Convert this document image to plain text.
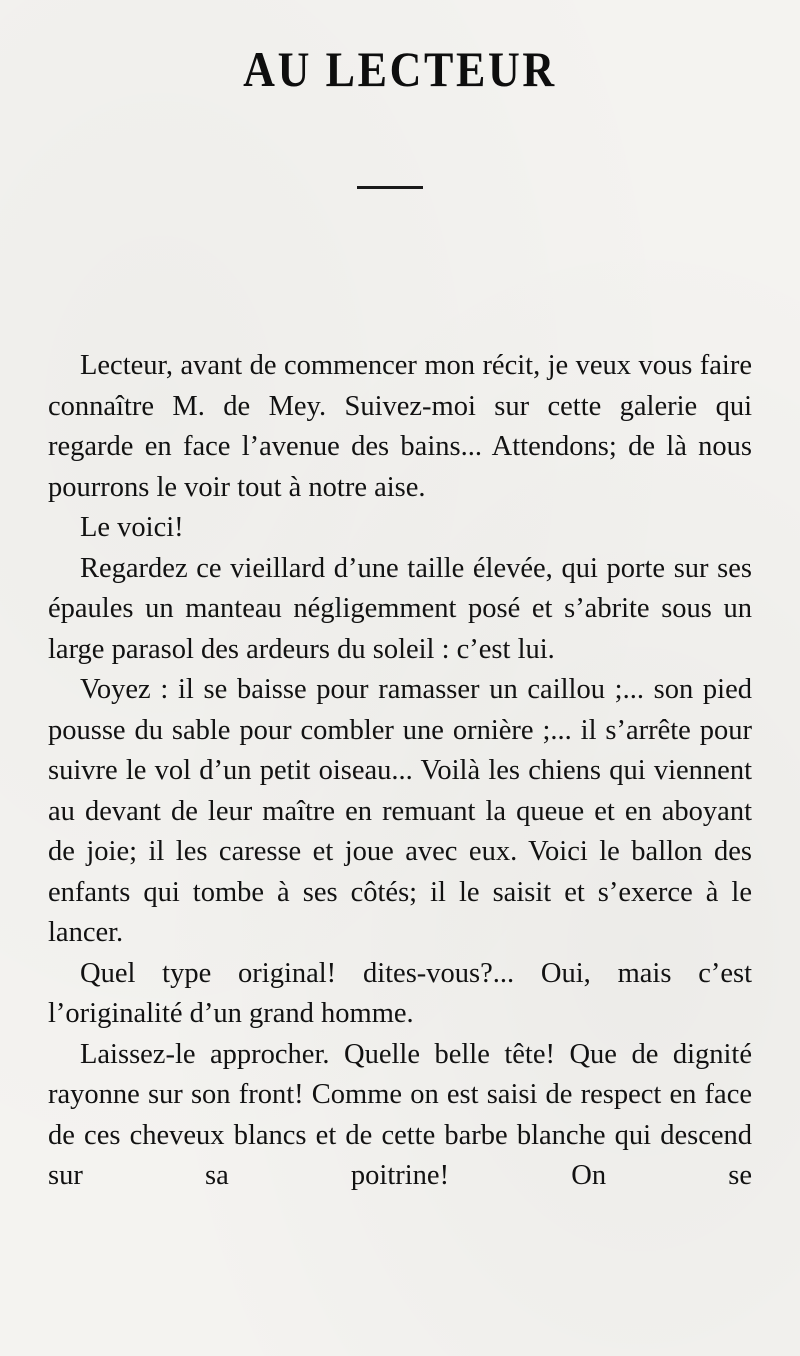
AU LECTEUR

Lecteur, avant de commencer mon récit, je veux vous faire connaître M. de Mey. Suivez-moi sur cette galerie qui regarde en face l’avenue des bains... Attendons; de là nous pourrons le voir tout à notre aise.

Le voici!

Regardez ce vieillard d’une taille élevée, qui porte sur ses épaules un manteau négligemment posé et s’abrite sous un large parasol des ardeurs du soleil : c’est lui.

Voyez : il se baisse pour ramasser un caillou ;... son pied pousse du sable pour combler une ornière ;... il s’arrête pour suivre le vol d’un petit oiseau... Voilà les chiens qui viennent au devant de leur maître en remuant la queue et en aboyant de joie; il les caresse et joue avec eux. Voici le ballon des enfants qui tombe à ses côtés; il le saisit et s’exerce à le lancer.

Quel type original! dites-vous?... Oui, mais c’est l’originalité d’un grand homme.

Laissez-le approcher. Quelle belle tête! Que de dignité rayonne sur son front! Comme on est saisi de respect en face de ces cheveux blancs et de cette barbe blanche qui descend sur sa poitrine! On se
